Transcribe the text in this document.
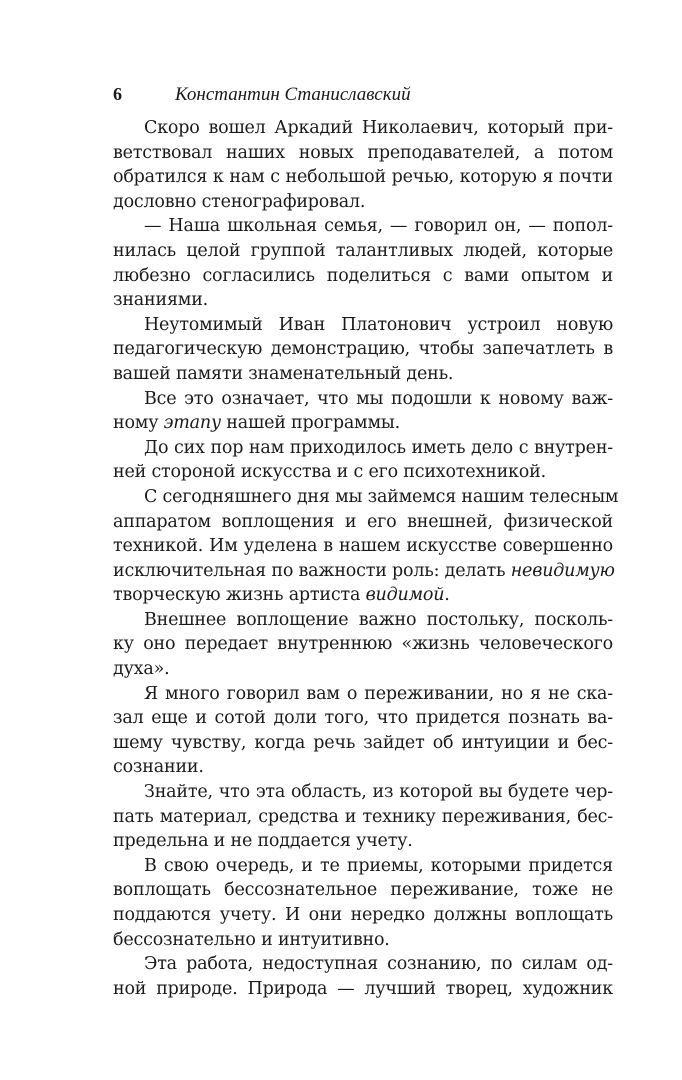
6	Константин Станиславский
Скоро вошел Аркадий Николаевич, который при-
ветствовал наших новых преподавателей, а потом
обратился к нам с небольшой речью, которую я почти
дословно стенографировал.
— Наша школьная семья, — говорил он, — попол-
нилась целой группой талантливых людей, которые
любезно согласились поделиться с вами опытом и
знаниями.
Неутомимый Иван Платонович устроил новую
педагогическую демонстрацию, чтобы запечатлеть в
вашей памяти знаменательный день.
Все это означает, что мы подошли к новому важ-
ному этапу нашей программы.
До сих пор нам приходилось иметь дело с внутрен-
ней стороной искусства и с его психотехникой.
С сегодняшнего дня мы займемся нашим телесным
аппаратом воплощения и его внешней, физической
техникой. Им уделена в нашем искусстве совершенно
исключительная по важности роль: делать невидимую
творческую жизнь артиста видимой.
Внешнее воплощение важно постольку, посколь-
ку оно передает внутреннюю «жизнь человеческого
духа».
Я много говорил вам о переживании, но я не ска-
зал еще и сотой доли того, что придется познать ва-
шему чувству, когда речь зайдет об интуиции и бес-
сознании.
Знайте, что эта область, из которой вы будете чер-
пать материал, средства и технику переживания, бес-
предельна и не поддается учету.
В свою очередь, и те приемы, которыми придется
воплощать бессознательное переживание, тоже не
поддаются учету. И они нередко должны воплощать
бессознательно и интуитивно.
Эта работа, недоступная сознанию, по силам од-
ной природе. Природа — лучший творец, художник
